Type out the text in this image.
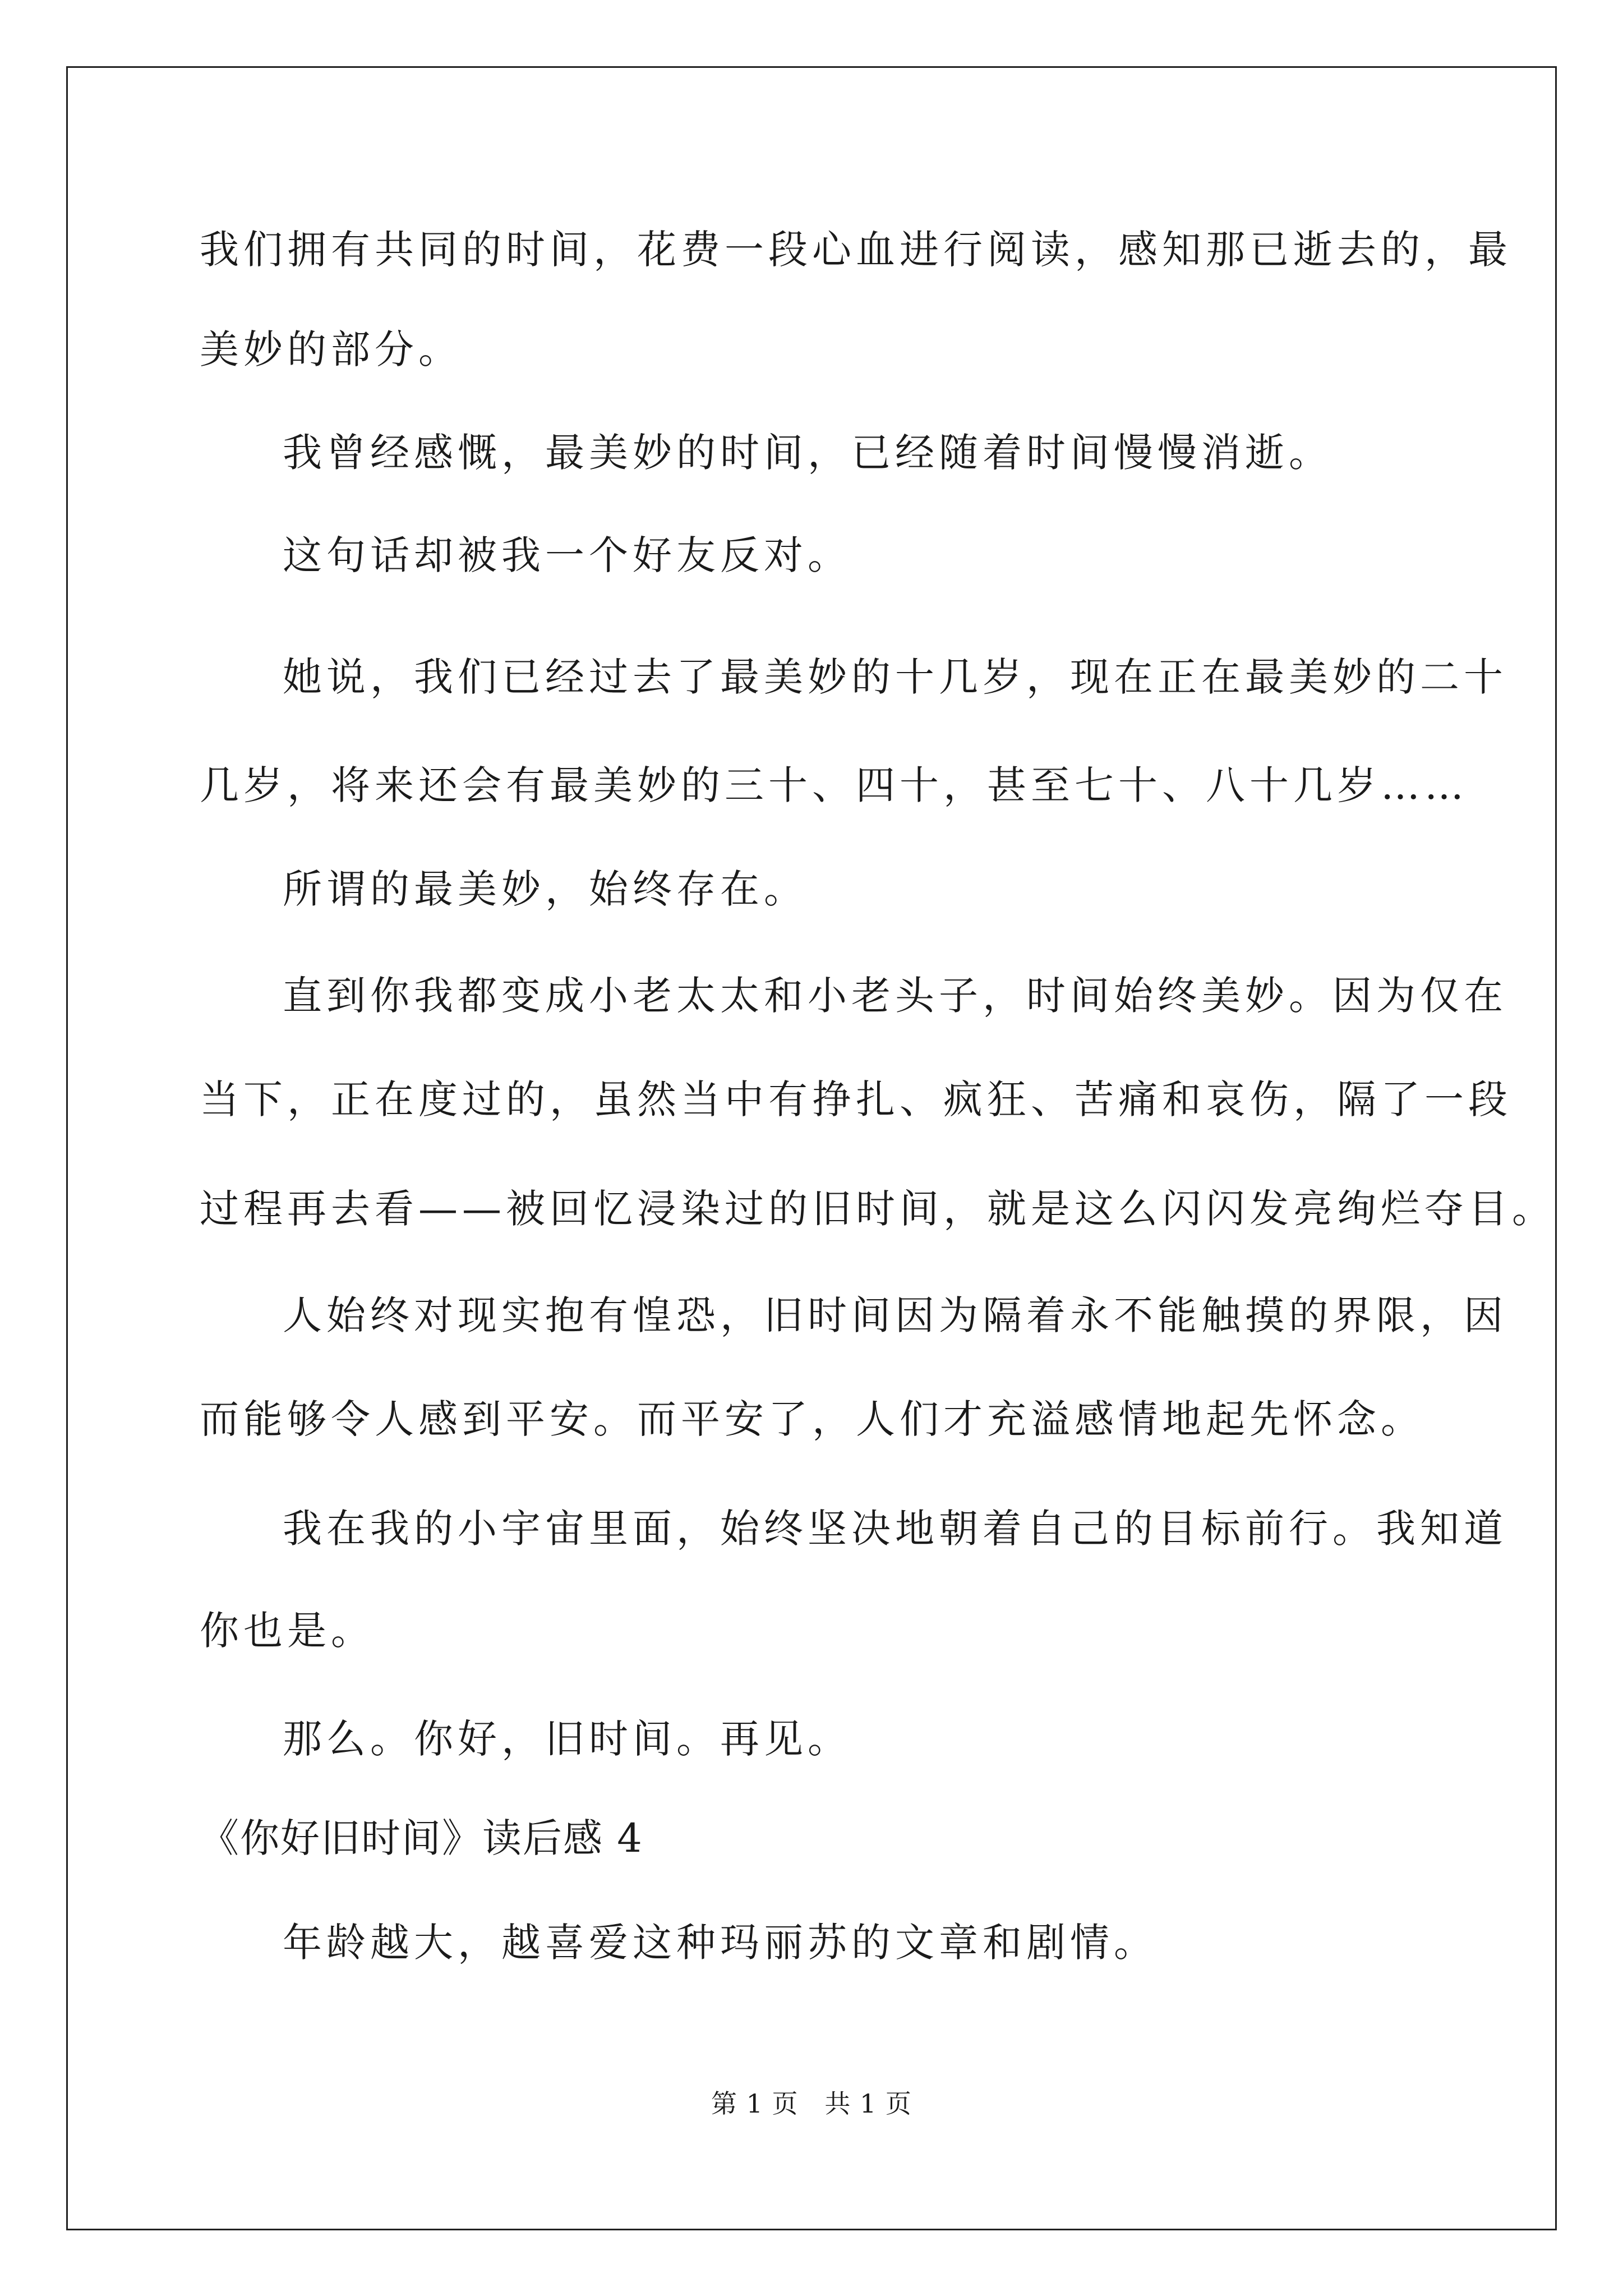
我们拥有共同的时间，花费一段心血进行阅读，感知那已逝去的，最
美妙的部分。
我曾经感慨，最美妙的时间，已经随着时间慢慢消逝。
这句话却被我一个好友反对。
她说，我们已经过去了最美妙的十几岁，现在正在最美妙的二十
几岁，将来还会有最美妙的三十、四十，甚至七十、八十几岁……
所谓的最美妙，始终存在。
直到你我都变成小老太太和小老头子，时间始终美妙。因为仅在
当下，正在度过的，虽然当中有挣扎、疯狂、苦痛和哀伤，隔了一段
过程再去看——被回忆浸染过的旧时间，就是这么闪闪发亮绚烂夺目。
人始终对现实抱有惶恐，旧时间因为隔着永不能触摸的界限，因
而能够令人感到平安。而平安了，人们才充溢感情地起先怀念。
我在我的小宇宙里面，始终坚决地朝着自己的目标前行。我知道
你也是。
那么。你好，旧时间。再见。
《你好旧时间》读后感 4
年龄越大，越喜爱这种玛丽苏的文章和剧情。
第 1 页   共 1 页
